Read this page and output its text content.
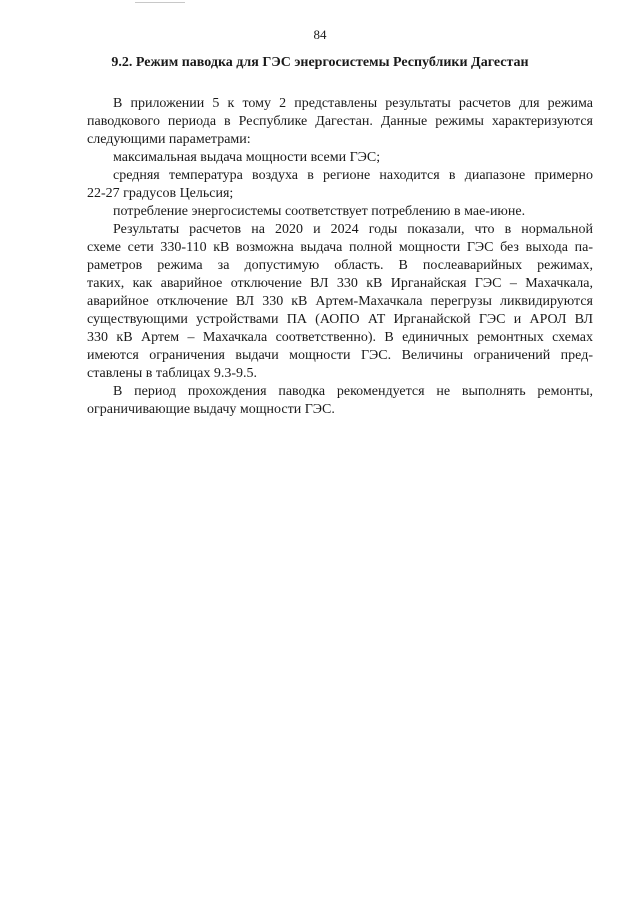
84
9.2. Режим паводка для ГЭС энергосистемы Республики Дагестан
В приложении 5 к тому 2 представлены результаты расчетов для режима
паводкового периода в Республике Дагестан. Данные режимы характеризуются
следующими параметрами:
максимальная выдача мощности всеми ГЭС;
средняя температура воздуха в регионе находится в диапазоне примерно
22-27 градусов Цельсия;
потребление энергосистемы соответствует потреблению в мае-июне.
Результаты расчетов на 2020 и 2024 годы показали, что в нормальной
схеме сети 330-110 кВ возможна выдача полной мощности ГЭС без выхода па-
раметров режима за допустимую область. В послеаварийных режимах,
таких, как аварийное отключение ВЛ 330 кВ Ирганайская ГЭС – Махачкала,
аварийное отключение ВЛ 330 кВ Артем-Махачкала перегрузы ликвидируются
существующими устройствами ПА (АОПО АТ Ирганайской ГЭС и АРОЛ ВЛ
330 кВ Артем – Махачкала соответственно). В единичных ремонтных схемах
имеются ограничения выдачи мощности ГЭС. Величины ограничений пред-
ставлены в таблицах 9.3-9.5.
В период прохождения паводка рекомендуется не выполнять ремонты,
ограничивающие выдачу мощности ГЭС.
